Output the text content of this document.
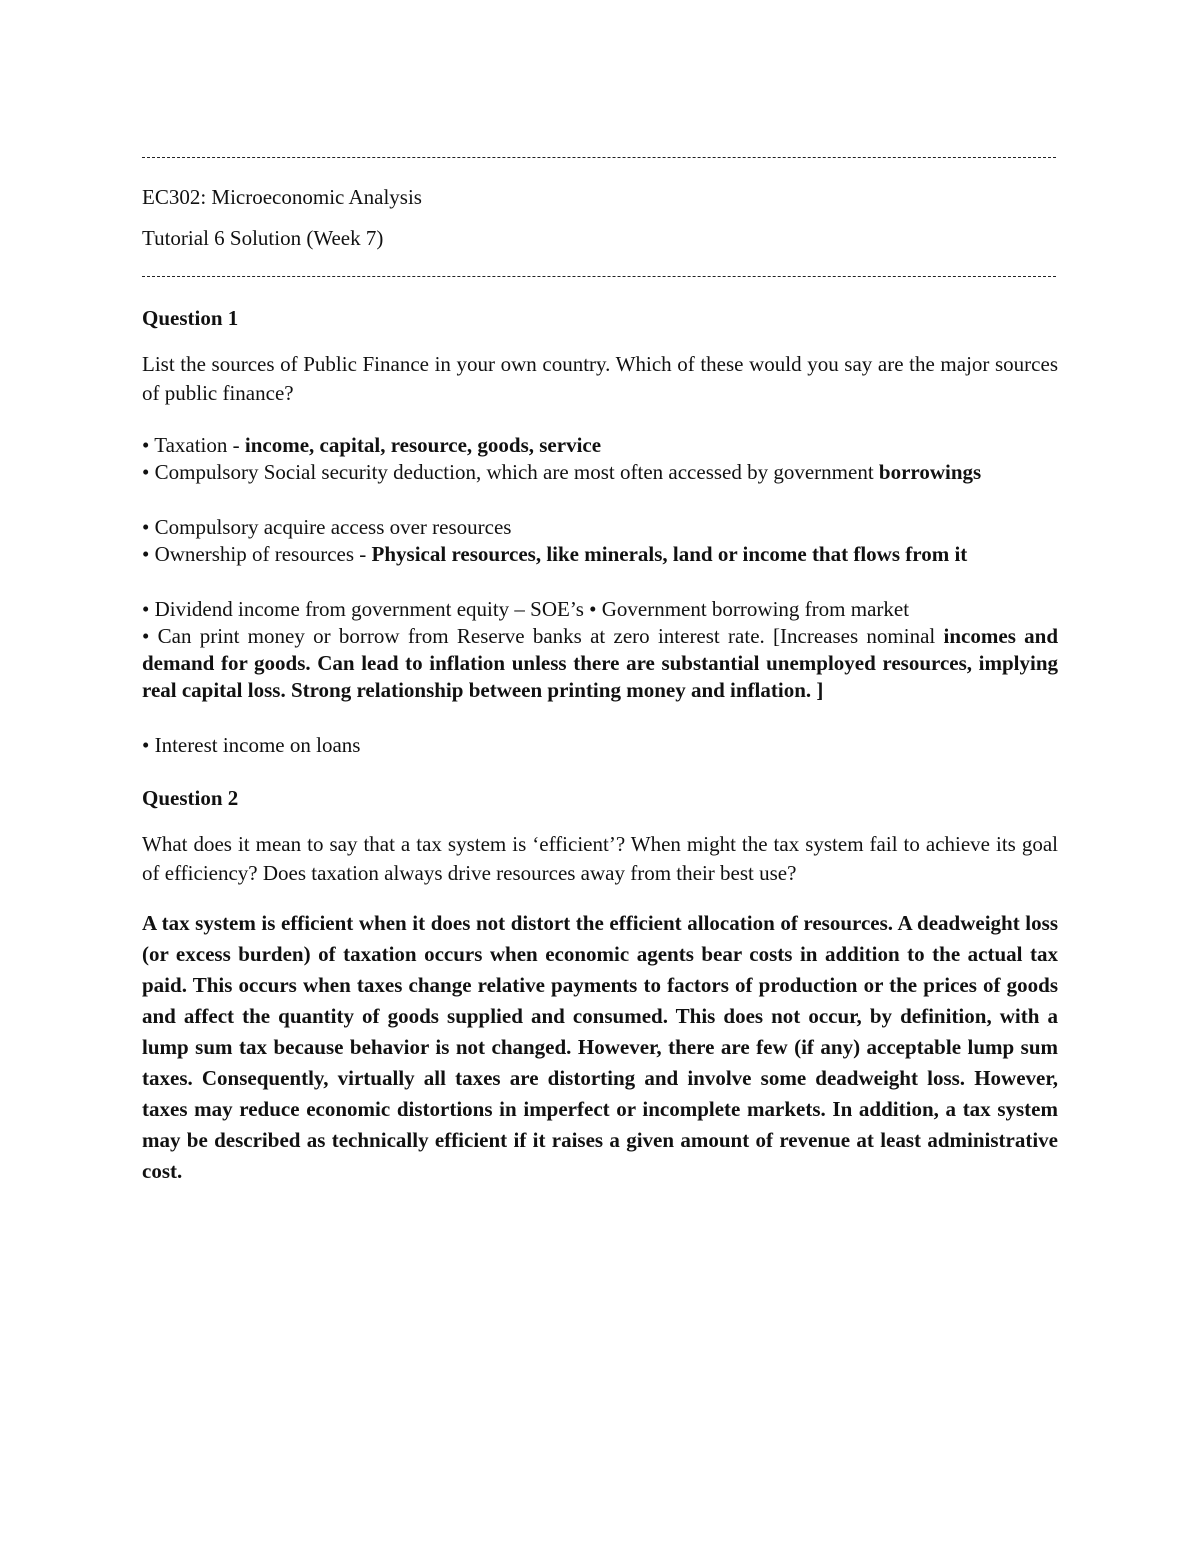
EC302: Microeconomic Analysis
Tutorial 6 Solution (Week 7)
Question 1
List the sources of Public Finance in your own country. Which of these would you say are the major sources of public finance?
• Taxation - income, capital, resource, goods, service
• Compulsory Social security deduction, which are most often accessed by government borrowings
• Compulsory acquire access over resources
• Ownership of resources - Physical resources, like minerals, land or income that flows from it
• Dividend income from government equity – SOE’s • Government borrowing from market
• Can print money or borrow from Reserve banks at zero interest rate. [Increases nominal incomes and demand for goods. Can lead to inflation unless there are substantial unemployed resources, implying real capital loss. Strong relationship between printing money and inflation. ]
• Interest income on loans
Question 2
What does it mean to say that a tax system is ‘efficient’? When might the tax system fail to achieve its goal of efficiency? Does taxation always drive resources away from their best use?
A tax system is efficient when it does not distort the efficient allocation of resources. A deadweight loss (or excess burden) of taxation occurs when economic agents bear costs in addition to the actual tax paid. This occurs when taxes change relative payments to factors of production or the prices of goods and affect the quantity of goods supplied and consumed. This does not occur, by definition, with a lump sum tax because behavior is not changed. However, there are few (if any) acceptable lump sum taxes. Consequently, virtually all taxes are distorting and involve some deadweight loss. However, taxes may reduce economic distortions in imperfect or incomplete markets. In addition, a tax system may be described as technically efficient if it raises a given amount of revenue at least administrative cost.
